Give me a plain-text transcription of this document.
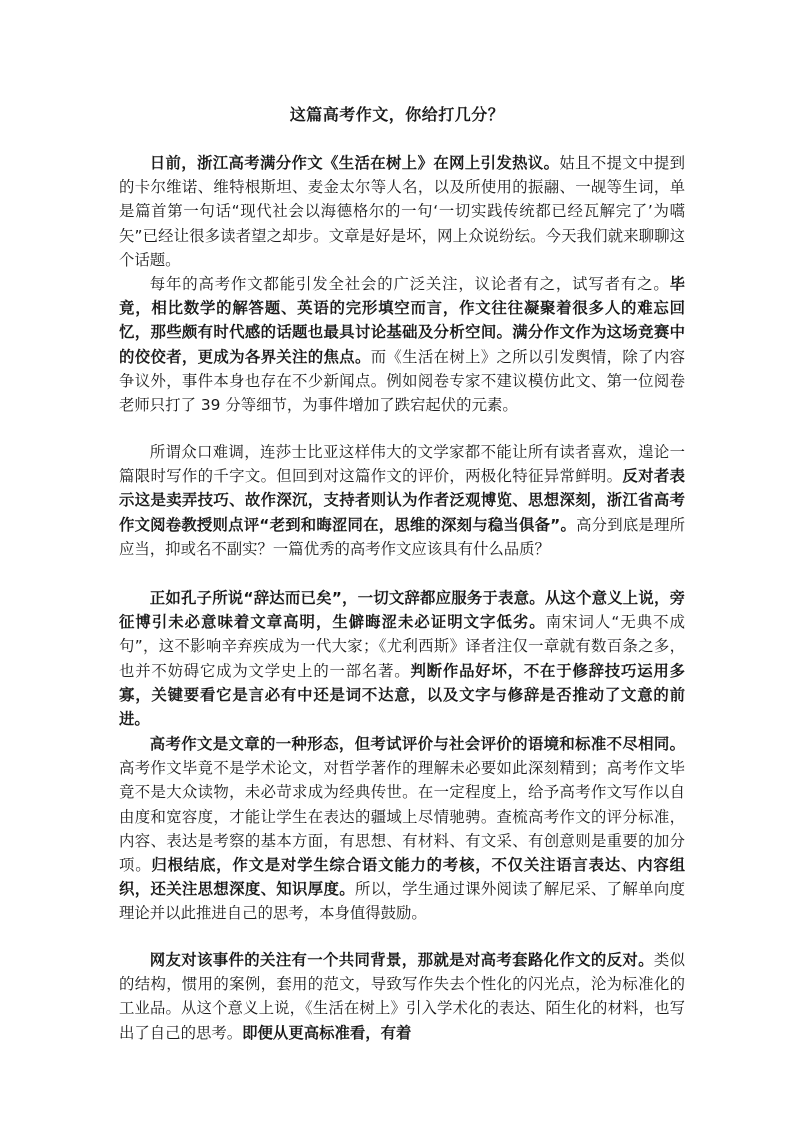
这篇高考作文，你给打几分？

日前，浙江高考满分作文《生活在树上》在网上引发热议。姑且不提文中提到的卡尔维诺、维特根斯坦、麦金太尔等人名，以及所使用的振翮、一觇等生词，单是篇首第一句话“现代社会以海德格尔的一句‘一切实践传统都已经瓦解完了’为嚆矢”已经让很多读者望之却步。文章是好是坏，网上众说纷纭。今天我们就来聊聊这个话题。

每年的高考作文都能引发全社会的广泛关注，议论者有之，试写者有之。毕竟，相比数学的解答题、英语的完形填空而言，作文往往凝聚着很多人的难忘回忆，那些颇有时代感的话题也最具讨论基础及分析空间。满分作文作为这场竞赛中的佼佼者，更成为各界关注的焦点。而《生活在树上》之所以引发舆情，除了内容争议外，事件本身也存在不少新闻点。例如阅卷专家不建议模仿此文、第一位阅卷老师只打了 39 分等细节，为事件增加了跌宕起伏的元素。

所谓众口难调，连莎士比亚这样伟大的文学家都不能让所有读者喜欢，遑论一篇限时写作的千字文。但回到对这篇作文的评价，两极化特征异常鲜明。反对者表示这是卖弄技巧、故作深沉，支持者则认为作者泛观博览、思想深刻，浙江省高考作文阅卷教授则点评“老到和晦涩同在，思维的深刻与稳当俱备”。高分到底是理所应当，抑或名不副实？一篇优秀的高考作文应该具有什么品质？

正如孔子所说“辞达而已矣”，一切文辞都应服务于表意。从这个意义上说，旁征博引未必意味着文章高明，生僻晦涩未必证明文字低劣。南宋词人“无典不成句”，这不影响辛弃疾成为一代大家；《尤利西斯》译者注仅一章就有数百条之多，也并不妨碍它成为文学史上的一部名著。判断作品好坏，不在于修辞技巧运用多寡，关键要看它是言必有中还是词不达意，以及文字与修辞是否推动了文意的前进。

高考作文是文章的一种形态，但考试评价与社会评价的语境和标准不尽相同。高考作文毕竟不是学术论文，对哲学著作的理解未必要如此深刻精到；高考作文毕竟不是大众读物，未必苛求成为经典传世。在一定程度上，给予高考作文写作以自由度和宽容度，才能让学生在表达的疆域上尽情驰骋。查梳高考作文的评分标准，内容、表达是考察的基本方面，有思想、有材料、有文采、有创意则是重要的加分项。归根结底，作文是对学生综合语文能力的考核，不仅关注语言表达、内容组织，还关注思想深度、知识厚度。所以，学生通过课外阅读了解尼采、了解单向度理论并以此推进自己的思考，本身值得鼓励。

网友对该事件的关注有一个共同背景，那就是对高考套路化作文的反对。类似的结构，惯用的案例，套用的范文，导致写作失去个性化的闪光点，沦为标准化的工业品。从这个意义上说，《生活在树上》引入学术化的表达、陌生化的材料，也写出了自己的思考。即便从更高标准看，有着
